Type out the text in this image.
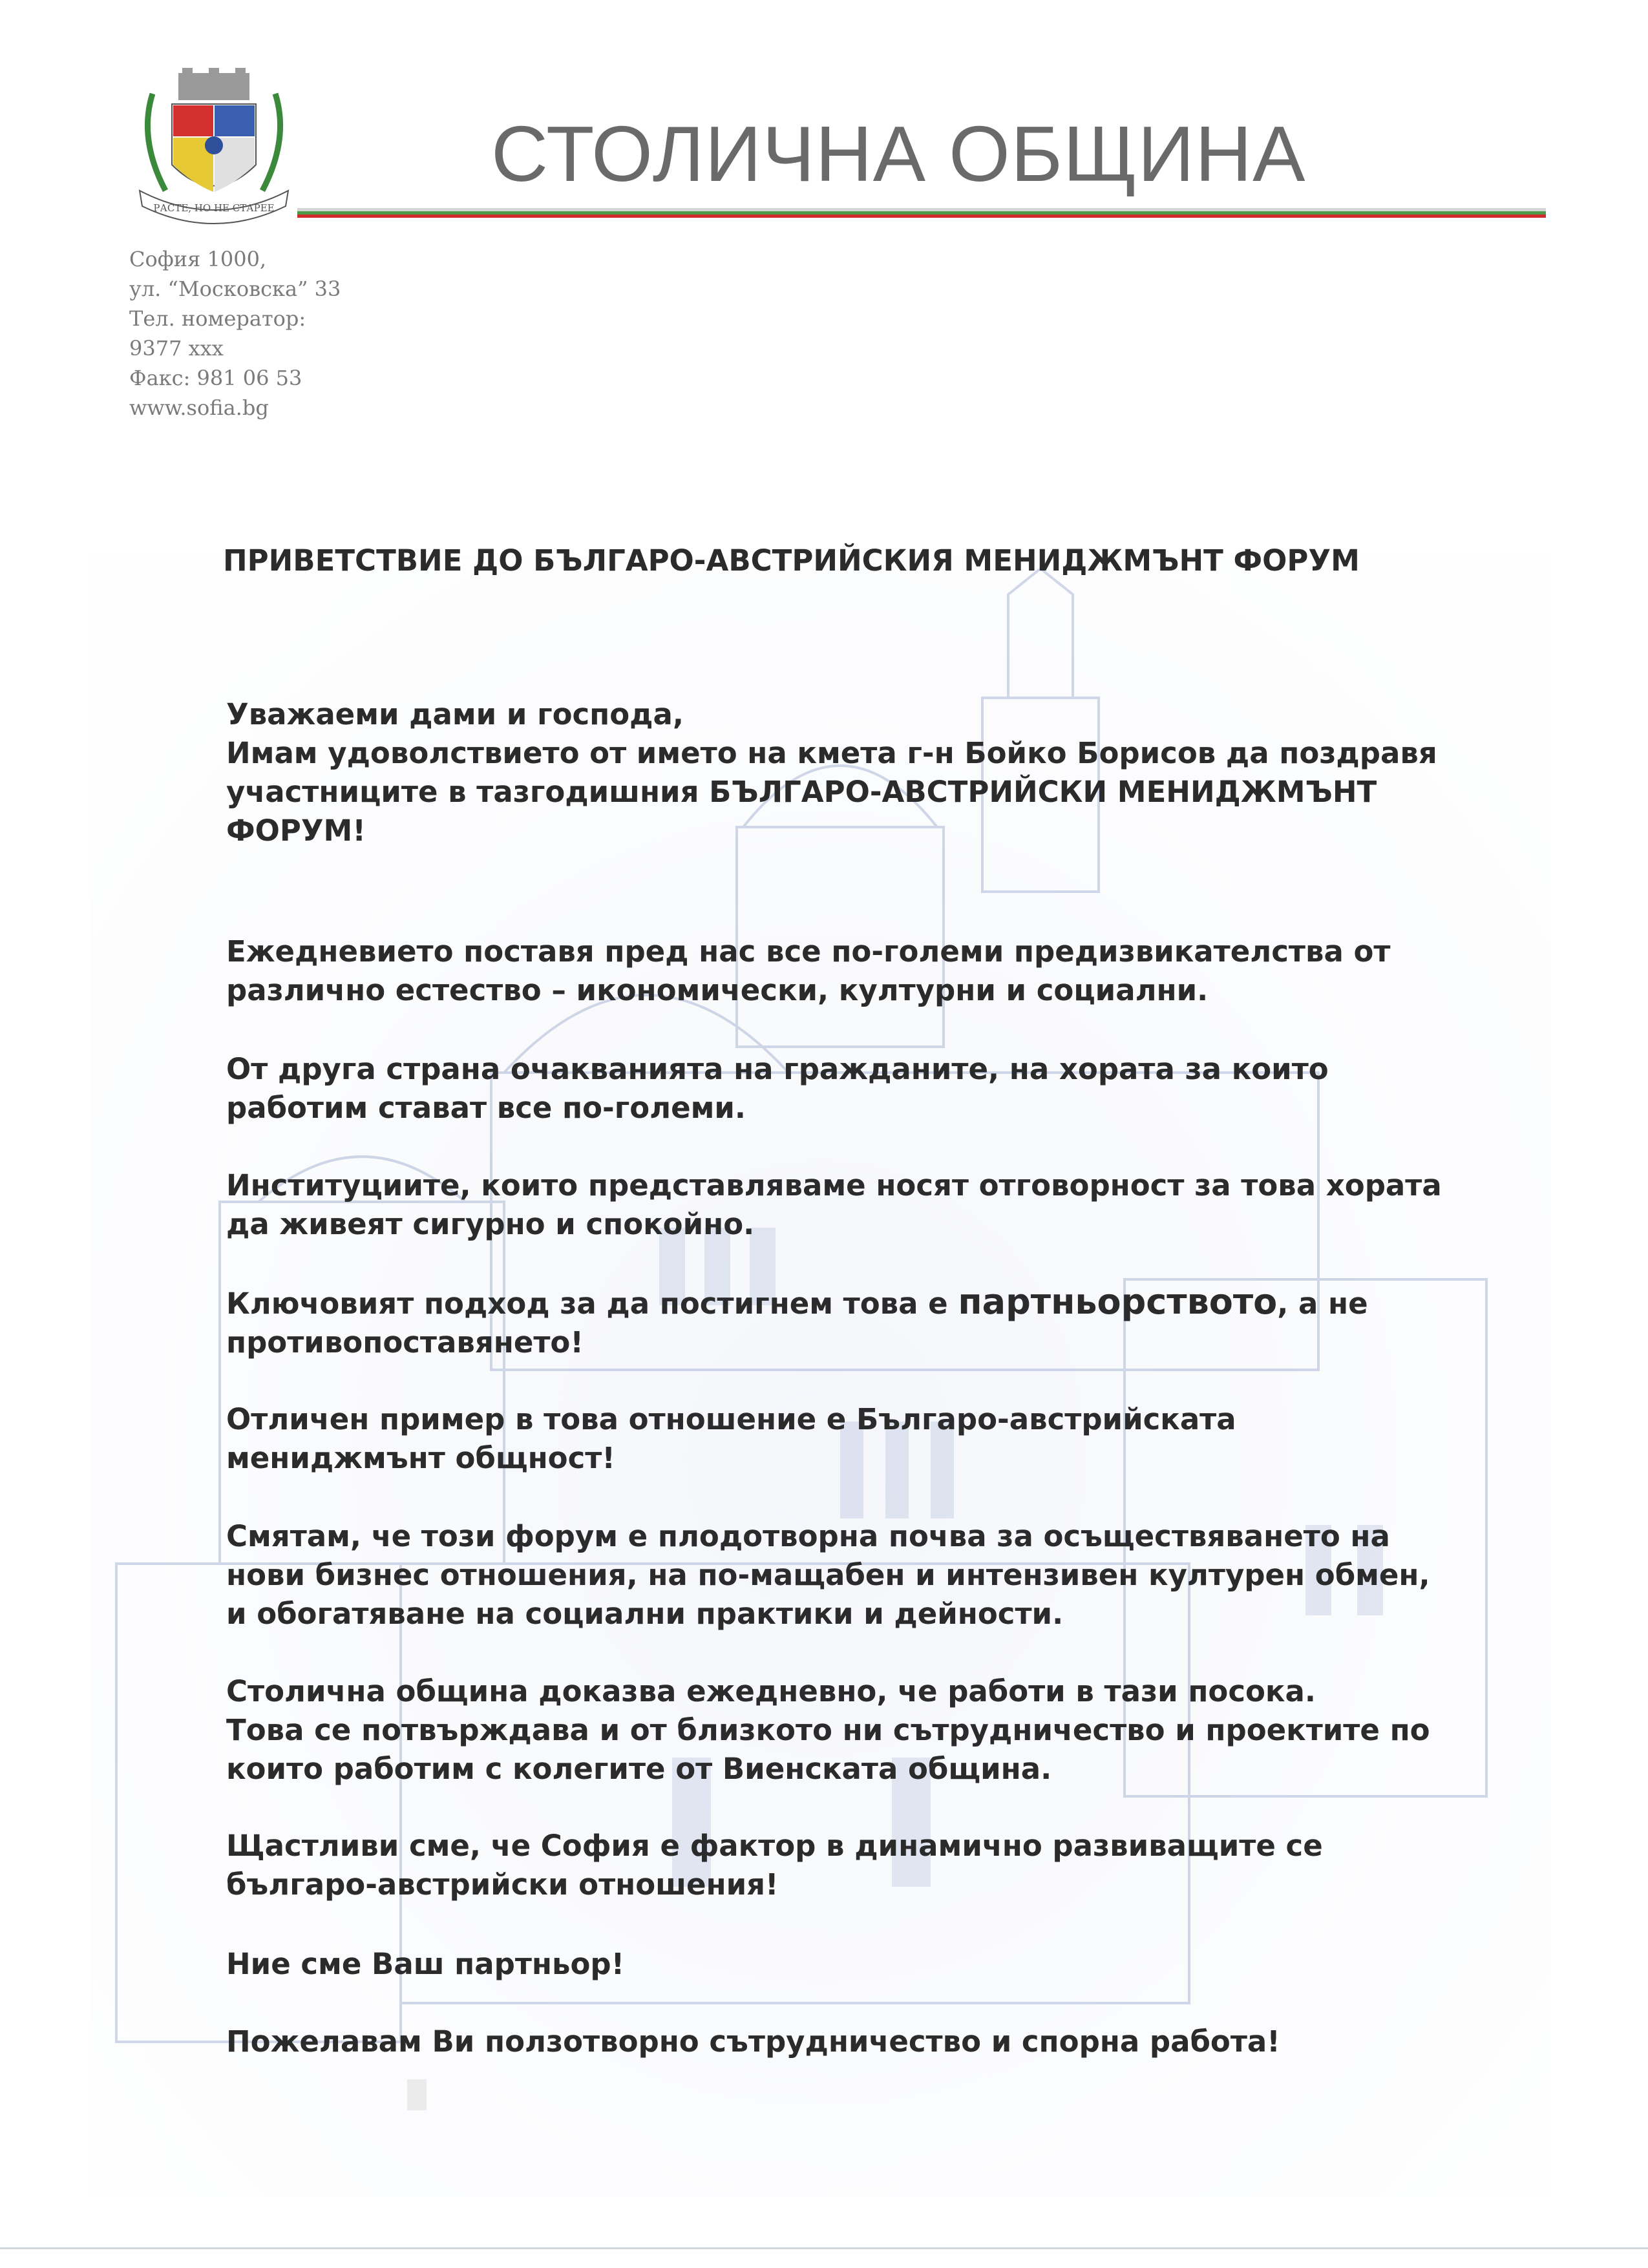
РАСТЕ, НО НЕ СТАРЕЕ
СТОЛИЧНА ОБЩИНА
София 1000,
ул. “Московска” 33
Тел. номератор:
9377 xxx
Факс: 981 06 53
www.sofia.bg
ПРИВЕТСТВИЕ ДО БЪЛГАРО-АВСТРИЙСКИЯ МЕНИДЖМЪНТ ФОРУМ

Уважаеми дами и господа,
Имам удоволствието от името на кмета г-н Бойко Борисов да поздравя
участниците в тазгодишния БЪЛГАРО-АВСТРИЙСКИ МЕНИДЖМЪНТ
ФОРУМ!

Ежедневието поставя пред нас все по-големи предизвикателства от
различно естество – икономически, културни и социални.

От друга страна очакванията на гражданите, на хората за които
работим стават все по-големи.

Институциите, които представляваме носят отговорност за това хората
да живеят сигурно и спокойно.

Ключовият подход за да постигнем това е партньорството, а не
противопоставянето!

Отличен пример в това отношение е Българо-австрийската
мениджмънт общност!

Смятам, че този форум е плодотворна почва за осъществяването на
нови бизнес отношения, на по-мащабен и интензивен културен обмен,
и обогатяване на социални практики и дейности.

Столична община доказва ежедневно, че работи в тази посока.
Това се потвърждава и от близкото ни сътрудничество и проектите по
които работим с колегите от Виенската община.

Щастливи сме, че София е фактор в динамично развиващите се
българо-австрийски отношения!

Ние сме Ваш партньор!

Пожелавам Ви ползотворно сътрудничество и спорна работа!
